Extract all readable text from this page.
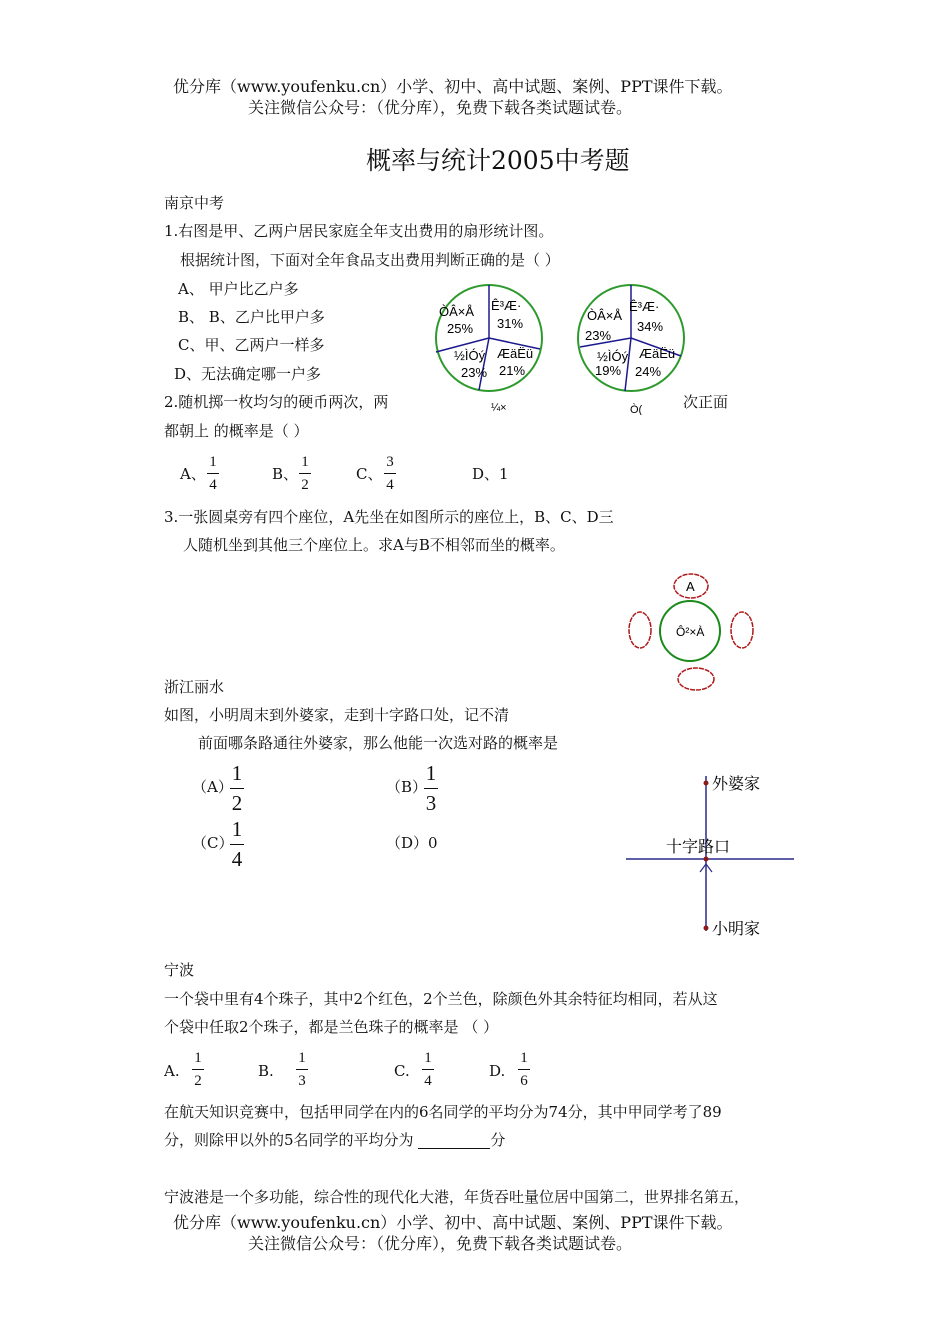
优分库（www.youfenku.cn）小学、初中、高中试题、案例、PPT课件下载。
关注微信公众号：（优分库），免费下载各类试题试卷。
概率与统计2005中考题
南京中考
1.右图是甲、乙两户居民家庭全年支出费用的扇形统计图。
根据统计图，下面对全年食品支出费用判断正确的是（ ）
A、 甲户比乙户多
B、 B、乙户比甲户多
C、甲、乙两户一样多
D、无法确定哪一户多
ÒÂ×Å
25%
Ê³Æ·
31%
ÆäËü
21%
½ÌÓý
23%
¼×
ÒÂ×Å
23%
Ê³Æ·
34%
ÆäËü
24%
½ÌÓý
19%
Ò(
2.随机掷一枚均匀的硬币两次，两	次正面
都朝上 的概率是（ ）
A、
1
4
B、
1
2
C、
3
4
D、1
3.一张圆桌旁有四个座位，A先坐在如图所示的座位上，B、C、D三
人随机坐到其他三个座位上。求A与B不相邻而坐的概率。
A
Ô²×À
浙江丽水
如图，小明周末到外婆家，走到十字路口处，记不清
前面哪条路通往外婆家，那么他能一次选对路的概率是
（A）
1
2
（B）
1
3
（C）
1
4
（D）0
外婆家
十字路口
小明家
宁波
一个袋中里有4个珠子，其中2个红色，2个兰色，除颜色外其余特征均相同，若从这
个袋中任取2个珠子，都是兰色珠子的概率是 （ ）
A.
1
2
B.
1
3
C.
1
4
D.
1
6
在航天知识竞赛中，包括甲同学在内的6名同学的平均分为74分，其中甲同学考了89
分，则除甲以外的5名同学的平均分为	分
宁波港是一个多功能，综合性的现代化大港，年货吞吐量位居中国第二，世界排名第五，
优分库（www.youfenku.cn）小学、初中、高中试题、案例、PPT课件下载。
关注微信公众号：（优分库），免费下载各类试题试卷。
